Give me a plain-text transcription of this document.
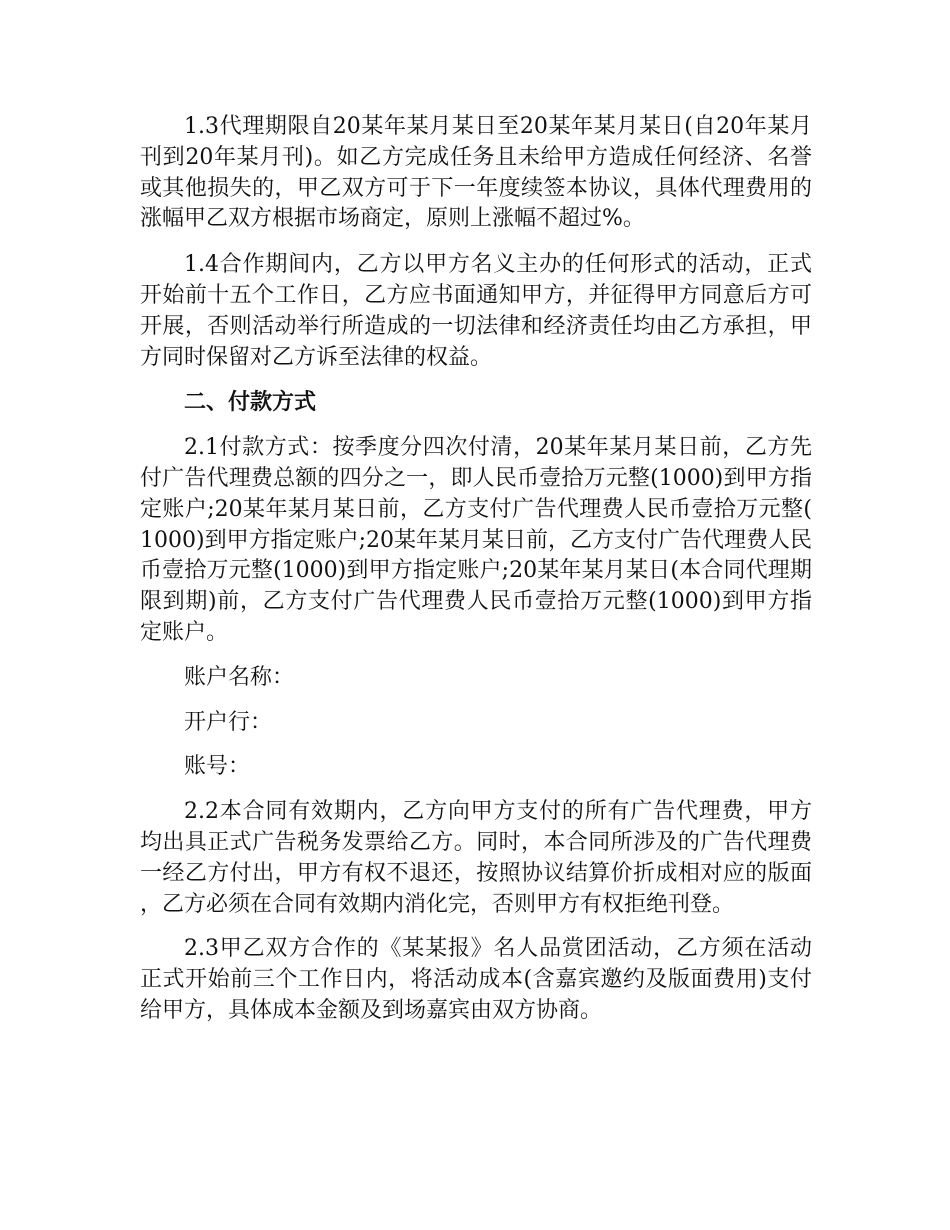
1.3代理期限自20某年某月某日至20某年某月某日(自20年某月刊到20年某月刊)。如乙方完成任务且未给甲方造成任何经济、名誉或其他损失的，甲乙双方可于下一年度续签本协议，具体代理费用的涨幅甲乙双方根据市场商定，原则上涨幅不超过%。

1.4合作期间内，乙方以甲方名义主办的任何形式的活动，正式开始前十五个工作日，乙方应书面通知甲方，并征得甲方同意后方可开展，否则活动举行所造成的一切法律和经济责任均由乙方承担，甲方同时保留对乙方诉至法律的权益。

二、付款方式

2.1付款方式：按季度分四次付清，20某年某月某日前，乙方先付广告代理费总额的四分之一，即人民币壹拾万元整(1000)到甲方指定账户;20某年某月某日前，乙方支付广告代理费人民币壹拾万元整(1000)到甲方指定账户;20某年某月某日前，乙方支付广告代理费人民币壹拾万元整(1000)到甲方指定账户;20某年某月某日(本合同代理期限到期)前，乙方支付广告代理费人民币壹拾万元整(1000)到甲方指定账户。

账户名称：

开户行：

账号：

2.2本合同有效期内，乙方向甲方支付的所有广告代理费，甲方均出具正式广告税务发票给乙方。同时，本合同所涉及的广告代理费一经乙方付出，甲方有权不退还，按照协议结算价折成相对应的版面，乙方必须在合同有效期内消化完，否则甲方有权拒绝刊登。

2.3甲乙双方合作的《某某报》名人品赏团活动，乙方须在活动正式开始前三个工作日内，将活动成本(含嘉宾邀约及版面费用)支付给甲方，具体成本金额及到场嘉宾由双方协商。
